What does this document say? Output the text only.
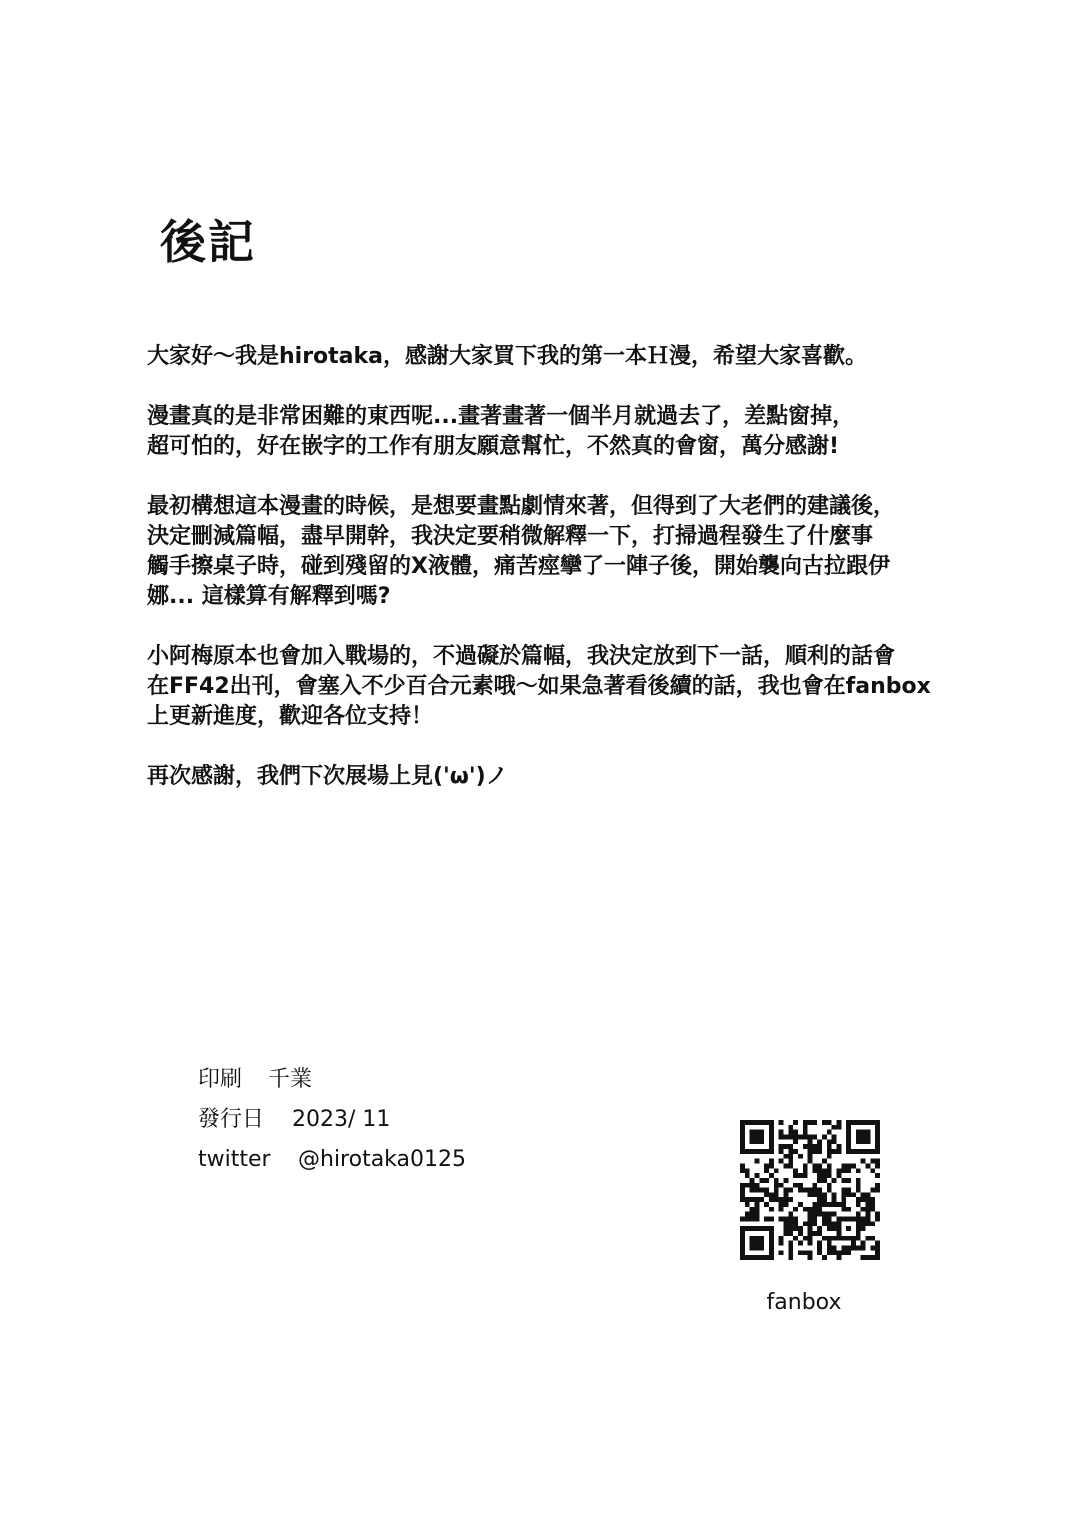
後記

大家好～我是hirotaka，感謝大家買下我的第一本Ｈ漫，希望大家喜歡。

漫畫真的是非常困難的東西呢...畫著畫著一個半月就過去了，差點窗掉，
超可怕的，好在嵌字的工作有朋友願意幫忙，不然真的會窗，萬分感謝!

最初構想這本漫畫的時候，是想要畫點劇情來著，但得到了大老們的建議後，
決定刪減篇幅，盡早開幹，我決定要稍微解釋一下，打掃過程發生了什麼事
觸手擦桌子時，碰到殘留的X液體，痛苦痙攣了一陣子後，開始襲向古拉跟伊
娜... 這樣算有解釋到嗎?

小阿梅原本也會加入戰場的，不過礙於篇幅，我決定放到下一話，順利的話會
在FF42出刊，會塞入不少百合元素哦～如果急著看後續的話，我也會在fanbox
上更新進度，歡迎各位支持！

再次感謝，我們下次展場上見('ω')ノ

印刷	千業
發行日	2023/ 11
twitter	@hirotaka0125
fanbox
